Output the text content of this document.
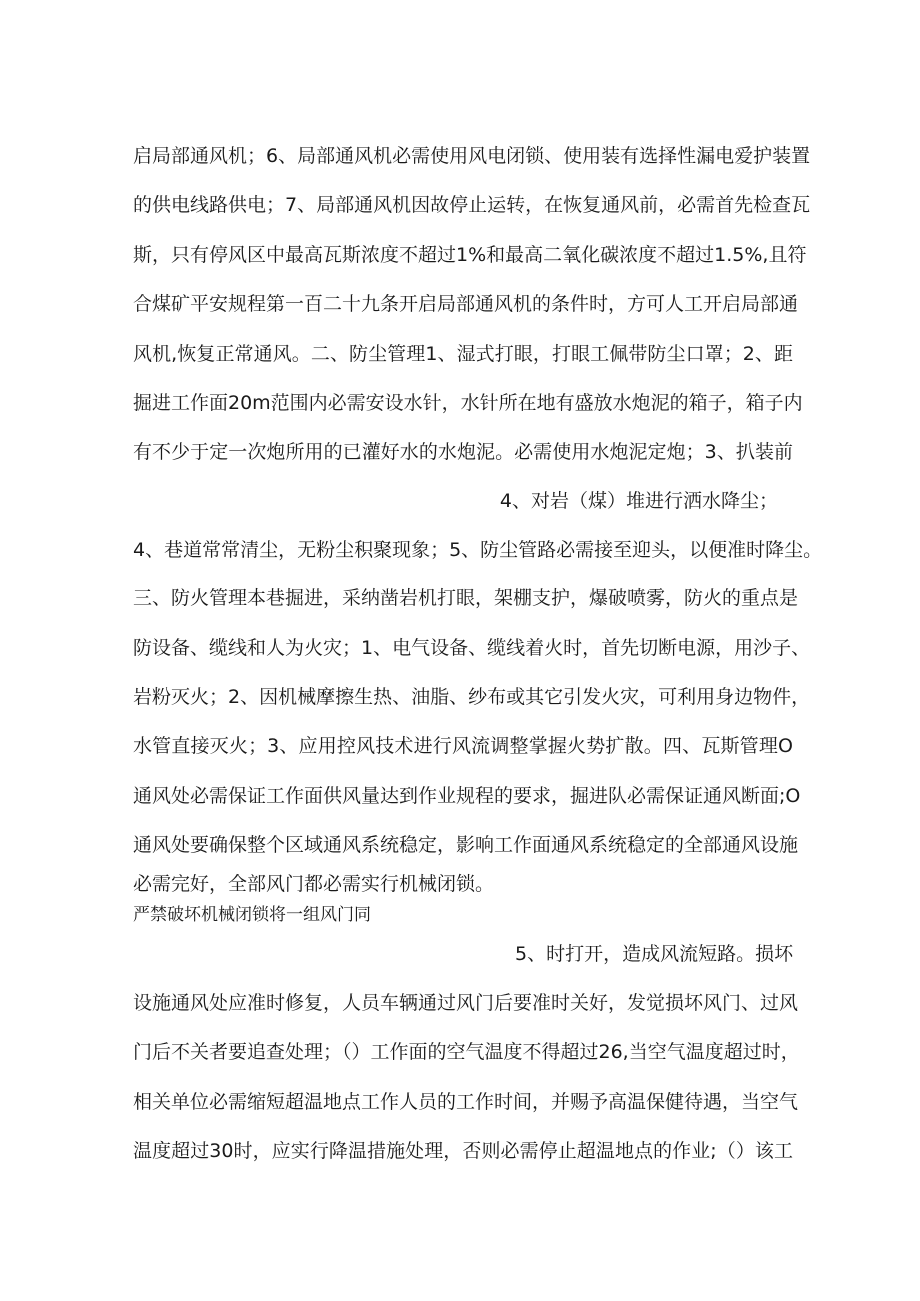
启局部通风机；6、局部通风机必需使用风电闭锁、使用装有选择性漏电爱护装置
的供电线路供电；7、局部通风机因故停止运转，在恢复通风前，必需首先检查瓦
斯，只有停风区中最高瓦斯浓度不超过1%和最高二氧化碳浓度不超过1.5%,且符
合煤矿平安规程第一百二十九条开启局部通风机的条件时，方可人工开启局部通
风机,恢复正常通风。二、防尘管理1、湿式打眼，打眼工佩带防尘口罩；2、距
掘进工作面20m范围内必需安设水针，水针所在地有盛放水炮泥的箱子，箱子内
有不少于定一次炮所用的已灌好水的水炮泥。必需使用水炮泥定炮；3、扒装前
4、对岩（煤）堆进行洒水降尘；
4、巷道常常清尘，无粉尘积聚现象；5、防尘管路必需接至迎头，以便准时降尘。
三、防火管理本巷掘进，采纳凿岩机打眼，架棚支护，爆破喷雾，防火的重点是
防设备、缆线和人为火灾；1、电气设备、缆线着火时，首先切断电源，用沙子、
岩粉灭火；2、因机械摩擦生热、油脂、纱布或其它引发火灾，可利用身边物件，
水管直接灭火；3、应用控风技术进行风流调整掌握火势扩散。四、瓦斯管理O
通风处必需保证工作面供风量达到作业规程的要求，掘进队必需保证通风断面;O
通风处要确保整个区域通风系统稳定，影响工作面通风系统稳定的全部通风设施
必需完好，全部风门都必需实行机械闭锁。
严禁破坏机械闭锁将一组风门同
5、时打开，造成风流短路。损坏
设施通风处应准时修复，人员车辆通过风门后要准时关好，发觉损坏风门、过风
门后不关者要追查处理；（）工作面的空气温度不得超过26,当空气温度超过时，
相关单位必需缩短超温地点工作人员的工作时间，并赐予高温保健待遇，当空气
温度超过30时，应实行降温措施处理，否则必需停止超温地点的作业;（）该工
